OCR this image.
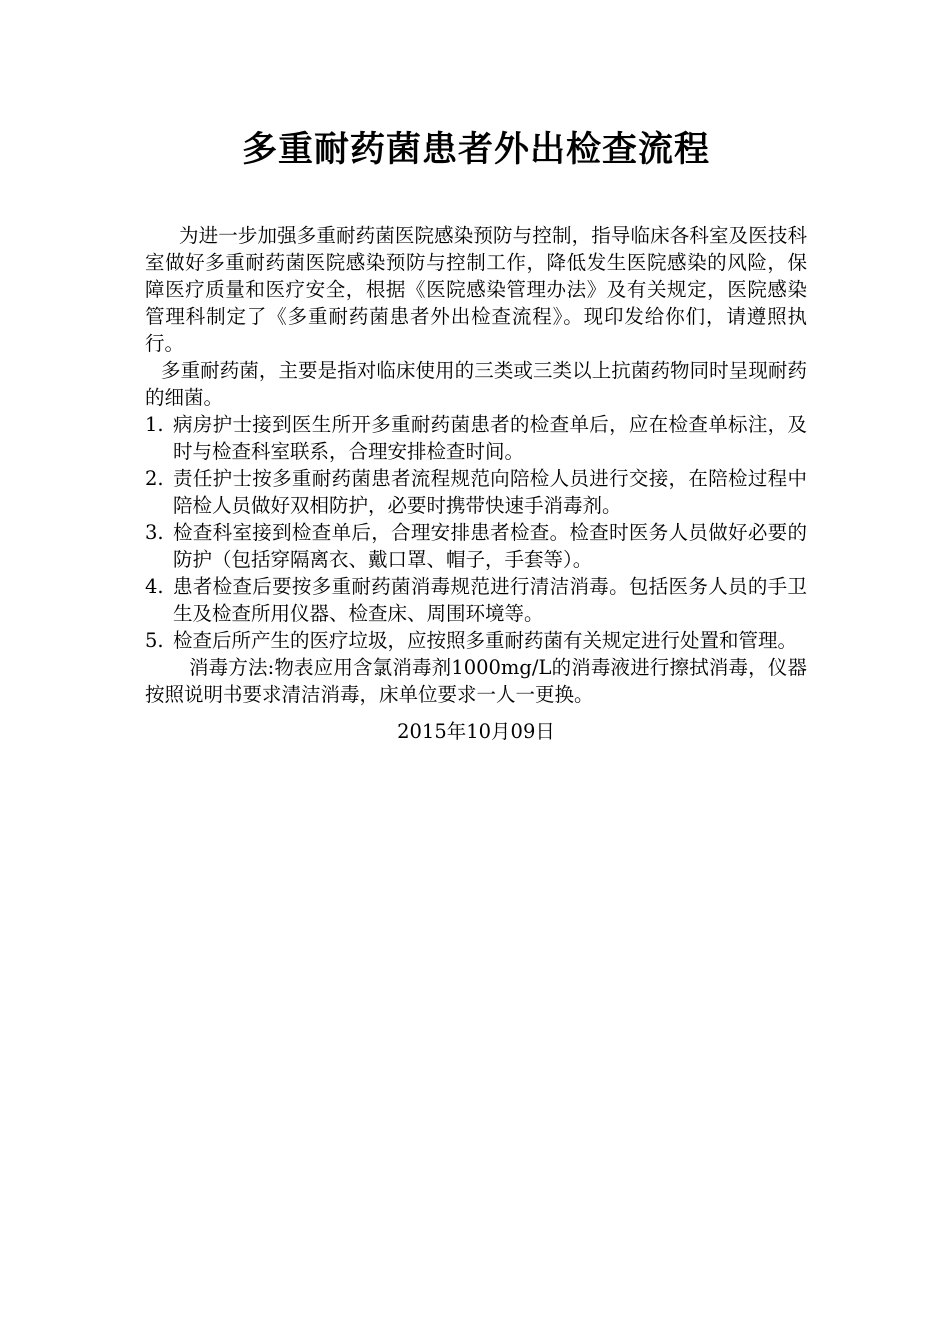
多重耐药菌患者外出检查流程

为进一步加强多重耐药菌医院感染预防与控制，指导临床各科室及医技科室做好多重耐药菌医院感染预防与控制工作，降低发生医院感染的风险，保障医疗质量和医疗安全，根据《医院感染管理办法》及有关规定，医院感染管理科制定了《多重耐药菌患者外出检查流程》。现印发给你们，请遵照执行。

多重耐药菌，主要是指对临床使用的三类或三类以上抗菌药物同时呈现耐药的细菌。

1. 病房护士接到医生所开多重耐药菌患者的检查单后，应在检查单标注，及时与检查科室联系，合理安排检查时间。
2. 责任护士按多重耐药菌患者流程规范向陪检人员进行交接，在陪检过程中陪检人员做好双相防护，必要时携带快速手消毒剂。
3. 检查科室接到检查单后，合理安排患者检查。检查时医务人员做好必要的防护（包括穿隔离衣、戴口罩、帽子，手套等）。
4. 患者检查后要按多重耐药菌消毒规范进行清洁消毒。包括医务人员的手卫生及检查所用仪器、检查床、周围环境等。
5. 检查后所产生的医疗垃圾，应按照多重耐药菌有关规定进行处置和管理。

消毒方法:物表应用含氯消毒剂1000mg/L的消毒液进行擦拭消毒，仪器按照说明书要求清洁消毒，床单位要求一人一更换。

2015年10月09日
